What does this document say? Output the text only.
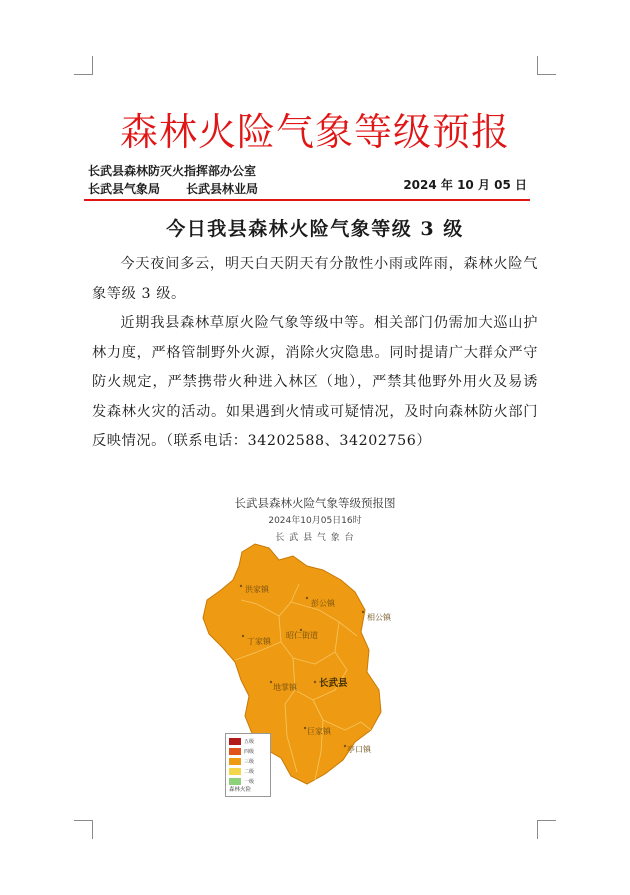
森林火险气象等级预报
长武县森林防灭火指挥部办公室
长武县气象局 长武县林业局	2024 年 10 月 05 日
今日我县森林火险气象等级 3 级

今天夜间多云，明天白天阴天有分散性小雨或阵雨，森林火险气象等级 3 级。

近期我县森林草原火险气象等级中等。相关部门仍需加大巡山护林力度，严格管制野外火源，消除火灾隐患。同时提请广大群众严守防火规定，严禁携带火种进入林区（地），严禁其他野外用火及易诱发森林火灾的活动。如果遇到火情或可疑情况，及时向森林防火部门反映情况。（联系电话：34202588、34202756）

长武县森林火险气象等级预报图
2024年10月05日16时
长 武 县 气 象 台
洪家镇
彭公镇
相公镇
丁家镇
昭仁街道
地掌镇 长武县
巨家镇
亭口镇
五级
四级
三级
二级
一级
森林火险
